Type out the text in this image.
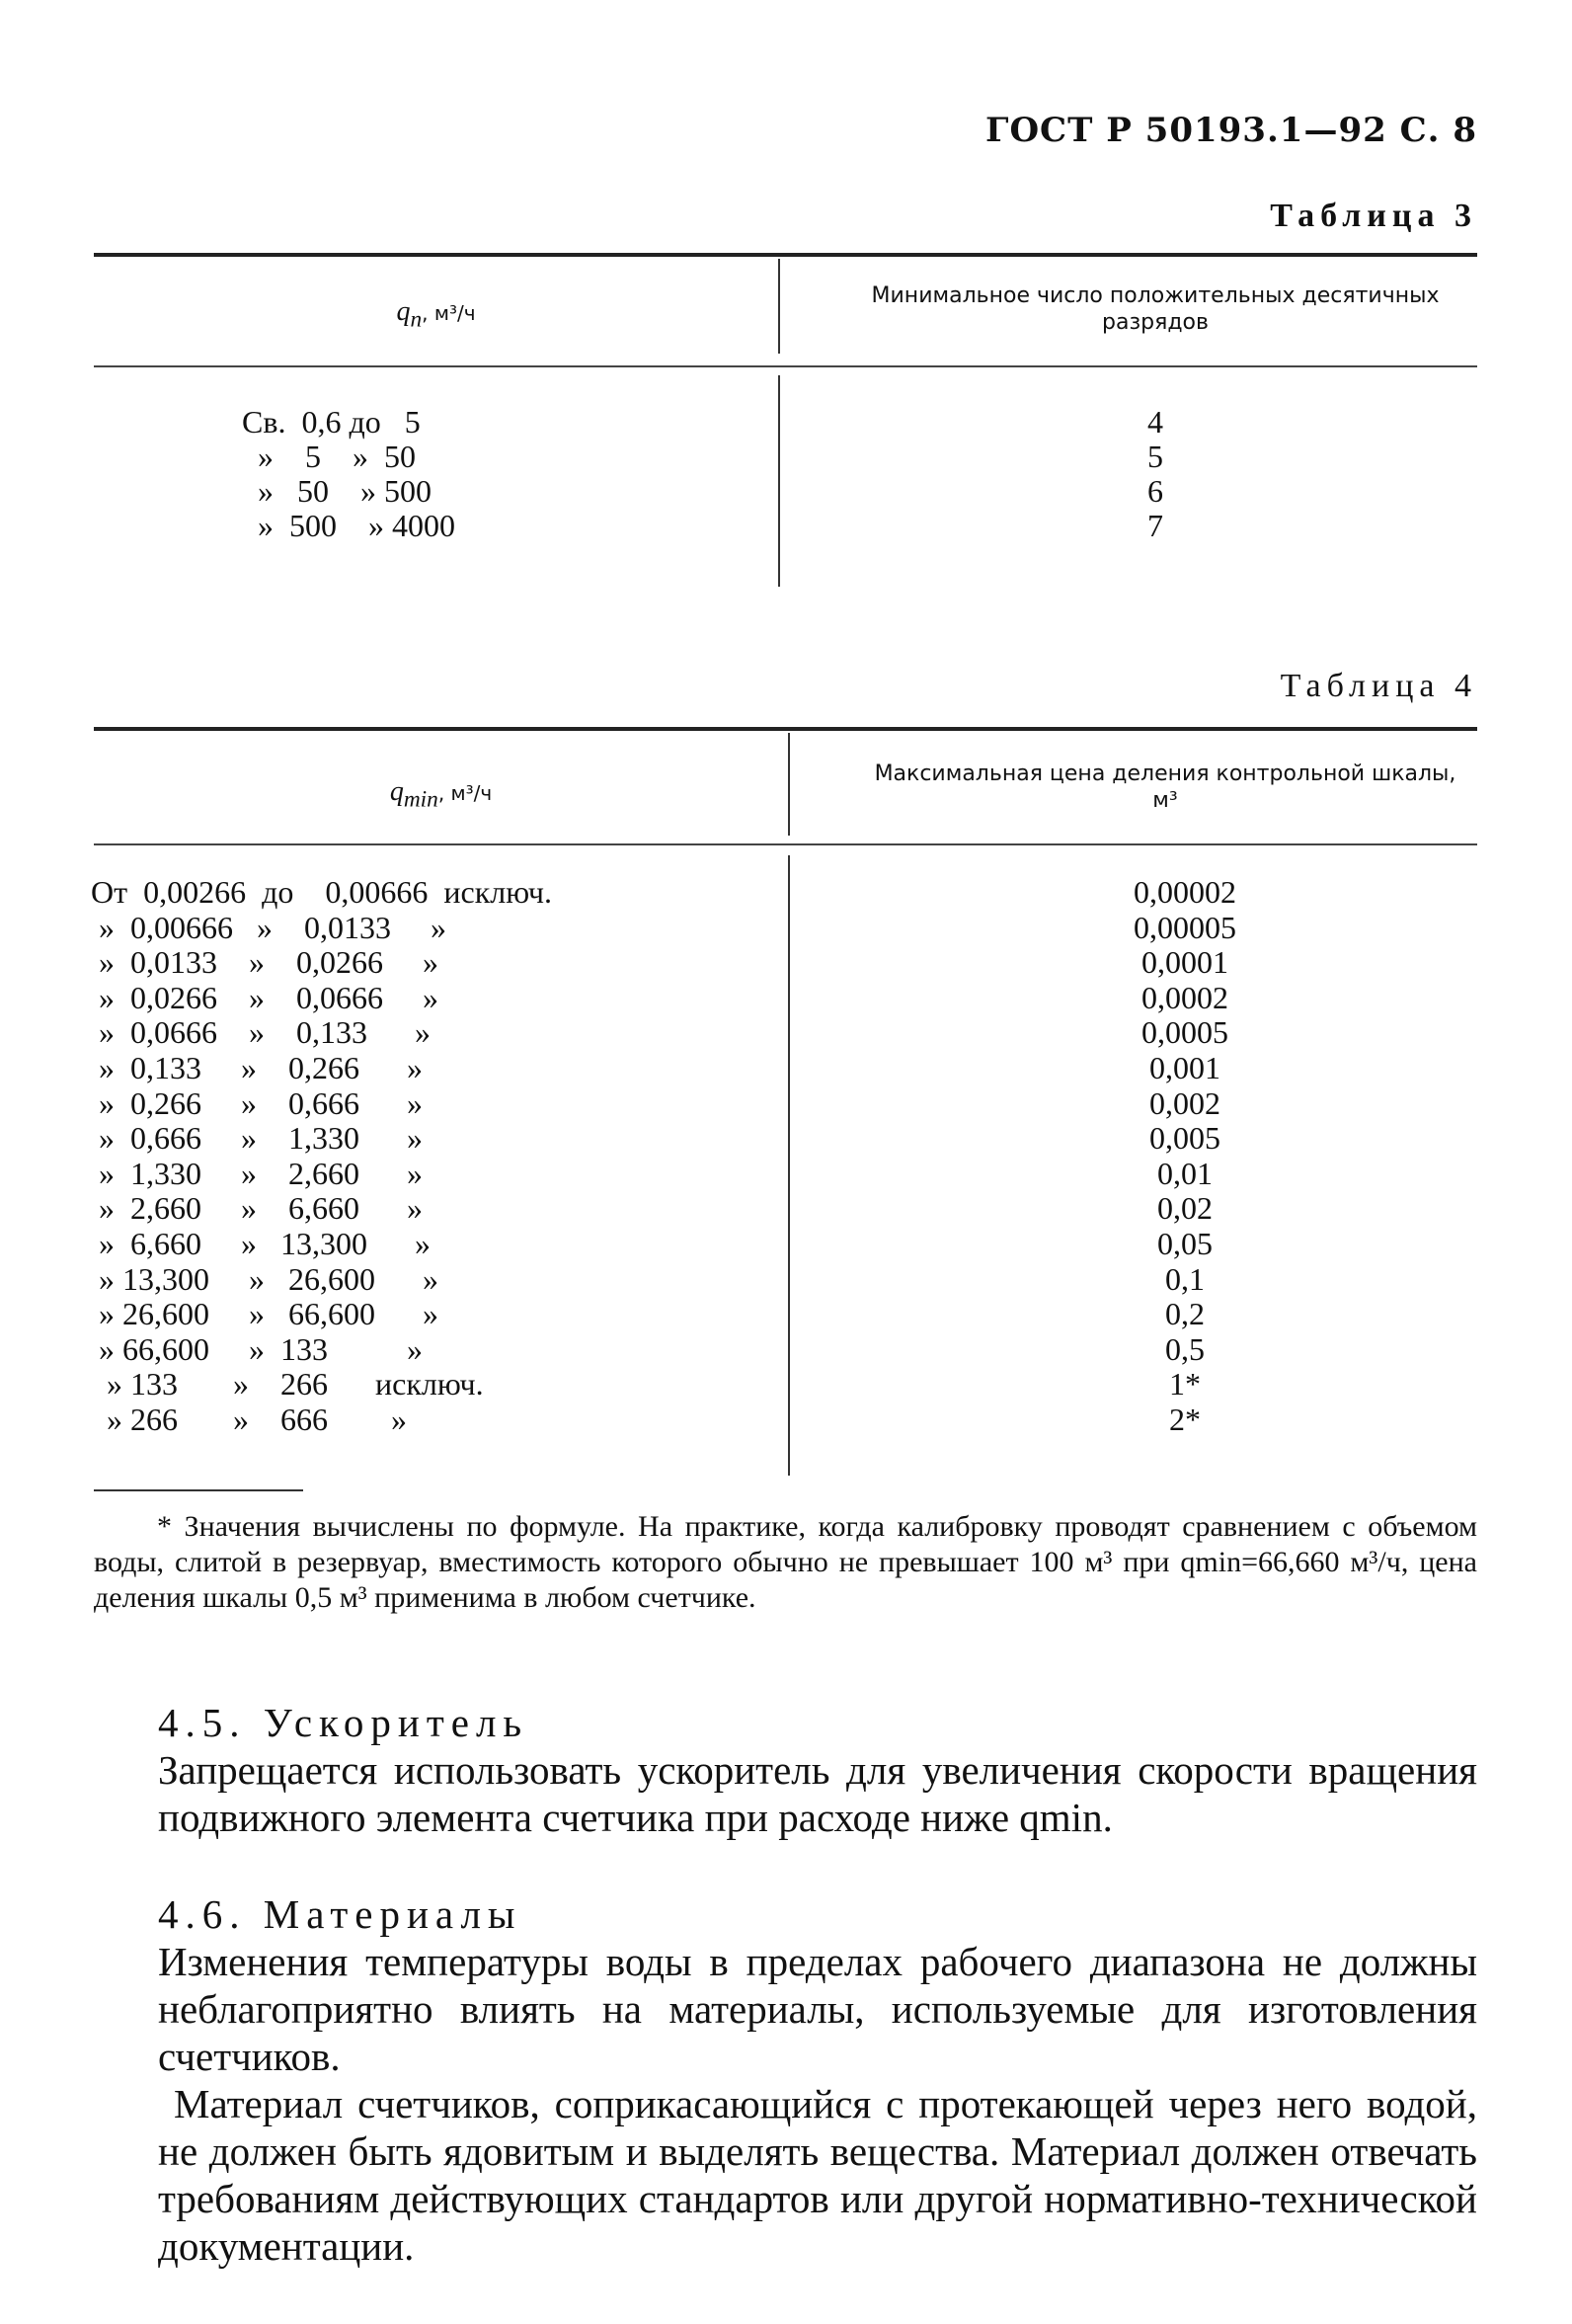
ГОСТ Р 50193.1—92 С. 8
Таблица 3
$q_п$, м³/ч
Минимальное число положительных десятичных разрядов
Св.  0,6 до   5	4
»    5    »  50	5
»   50    » 500	6
»  500    » 4000	7
Таблица 4
$q_{min}$, м³/ч
Максимальная цена деления контрольной шкалы, м³
От  0,00266  до    0,00666  исключ.	0,00002
»  0,00666   »    0,0133     »	0,00005
»  0,0133    »    0,0266     »	0,0001
»  0,0266    »    0,0666     »	0,0002
»  0,0666    »    0,133      »	0,0005
»  0,133     »    0,266      »	0,001
»  0,266     »    0,666      »	0,002
»  0,666     »    1,330      »	0,005
»  1,330     »    2,660      »	0,01
»  2,660     »    6,660      »	0,02
»  6,660     »   13,300      »	0,05
» 13,300     »   26,600      »	0,1
» 26,600     »   66,600      »	0,2
» 66,600     »  133          »	0,5
» 133       »    266      исключ.	1*
» 266       »    666        »	2*
* Значения вычислены по формуле. На практике, когда калибровку проводят сравнением с объемом воды, слитой в резервуар, вместимость которого обычно не превышает 100 м³ при qmin=66,660 м³/ч, цена деления шкалы 0,5 м³ применима в любом счетчике.
4.5. Ускоритель
Запрещается использовать ускоритель для увеличения скорости вращения подвижного элемента счетчика при расходе ниже qmin.
4.6. Материалы
Изменения температуры воды в пределах рабочего диапазона не должны неблагоприятно влиять на материалы, используемые для изготовления счетчиков.
Материал счетчиков, соприкасающийся с протекающей через него водой, не должен быть ядовитым и выделять вещества. Материал должен отвечать требованиям действующих стандартов или другой нормативно-технической документации.
